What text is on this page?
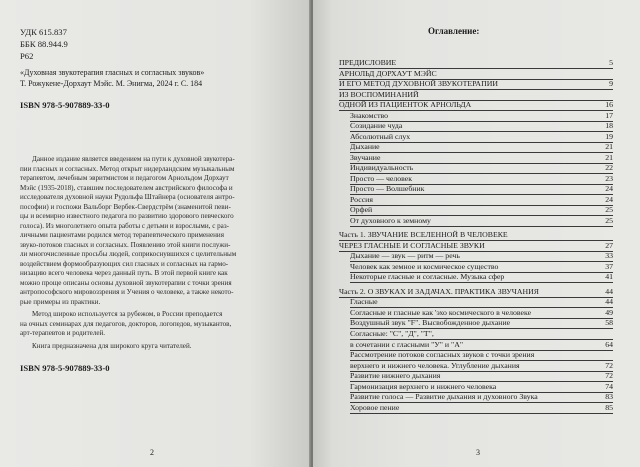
УДК 615.837
ББК 88.944.9
Р62
«Духовная звукотерапия гласных и согласных звуков»
Т. Рожукене-Дорхаут Мэйс. М. Энигма, 2024 г. С. 184
ISBN 978-5-907889-33-0
Данное издание является введением на пути к духовной звукотера-
пии гласных и согласных. Метод открыт нидерландским музыкальным
терапевтом, лечебным эвритмистом и педагогом Арнольдом Дорхаут
Мэйс (1935-2018), ставшим последователем австрийского философа и
исследователя духовной науки Рудольфа Штайнера (основателя антро-
пософии) и госпожи Вальборг Вербек-Свердстрём (знаменитой певи-
цы и всемирно известного педагога по развитию здорового певческого
голоса). Из многолетнего опыта работы с детьми и взрослыми, с раз-
личными пациентами родился метод терапевтического применения
звуко-потоков гласных и согласных. Появлению этой книги послужи-
ли многочисленные просьбы людей, соприкоснувшихся с целительным
воздействием формообразующих сил гласных и согласных на гармо-
низацию всего человека через данный путь. В этой первой книге как
можно проще описаны основы духовной звукотерапии с точки зрения
антропософского мировоззрения и Учения о человеке, а также некото-
рые примеры из практики.
Метод широко используется за рубежом, в России преподается
на очных семинарах для педагогов, докторов, логопедов, музыкантов,
арт-терапевтов и родителей.
Книга предназначена для широкого круга читателей.
ISBN 978-5-907889-33-0
2
Оглавление:
ПРЕДИСЛОВИЕ	5
АРНОЛЬД ДОРХАУТ МЭЙС
И ЕГО МЕТОД ДУХОВНОЙ ЗВУКОТЕРАПИИ	9
ИЗ ВОСПОМИНАНИЙ
ОДНОЙ ИЗ ПАЦИЕНТОК АРНОЛЬДА	16
Знакомство	17
Созидание чуда	18
Абсолютный слух	19
Дыхание	21
Звучание	21
Индивидуальность	22
Просто — человек	23
Просто — Волшебник	24
Россия	24
Орфей	25
От духовного к земному	25
Часть 1. ЗВУЧАНИЕ ВСЕЛЕННОЙ В ЧЕЛОВЕКЕ
ЧЕРЕЗ ГЛАСНЫЕ И СОГЛАСНЫЕ ЗВУКИ	27
Дыхание — звук — ритм — речь	33
Человек как земное и космическое существо	37
Некоторые гласные и согласные. Музыка сфер	41
Часть 2. О ЗВУКАХ И ЗАДАЧАХ. ПРАКТИКА ЗВУЧАНИЯ	44
Гласные	44
Согласные и гласные как 'эхо космического в человеке	49
Воздушный звук "F". Высвобожденное дыхание	58
Согласные: "С", "Д", "Т",
в сочетании с гласными "У" и "А"	64
Рассмотрение потоков согласных звуков с точки зрения
верхнего и нижнего человека. Углубление дыхания	72
Развитие нижнего дыхания	72
Гармонизация верхнего и нижнего человека	74
Развитие голоса — Развитие дыхания и духовного Звука	83
Хоровое пение	85
3
